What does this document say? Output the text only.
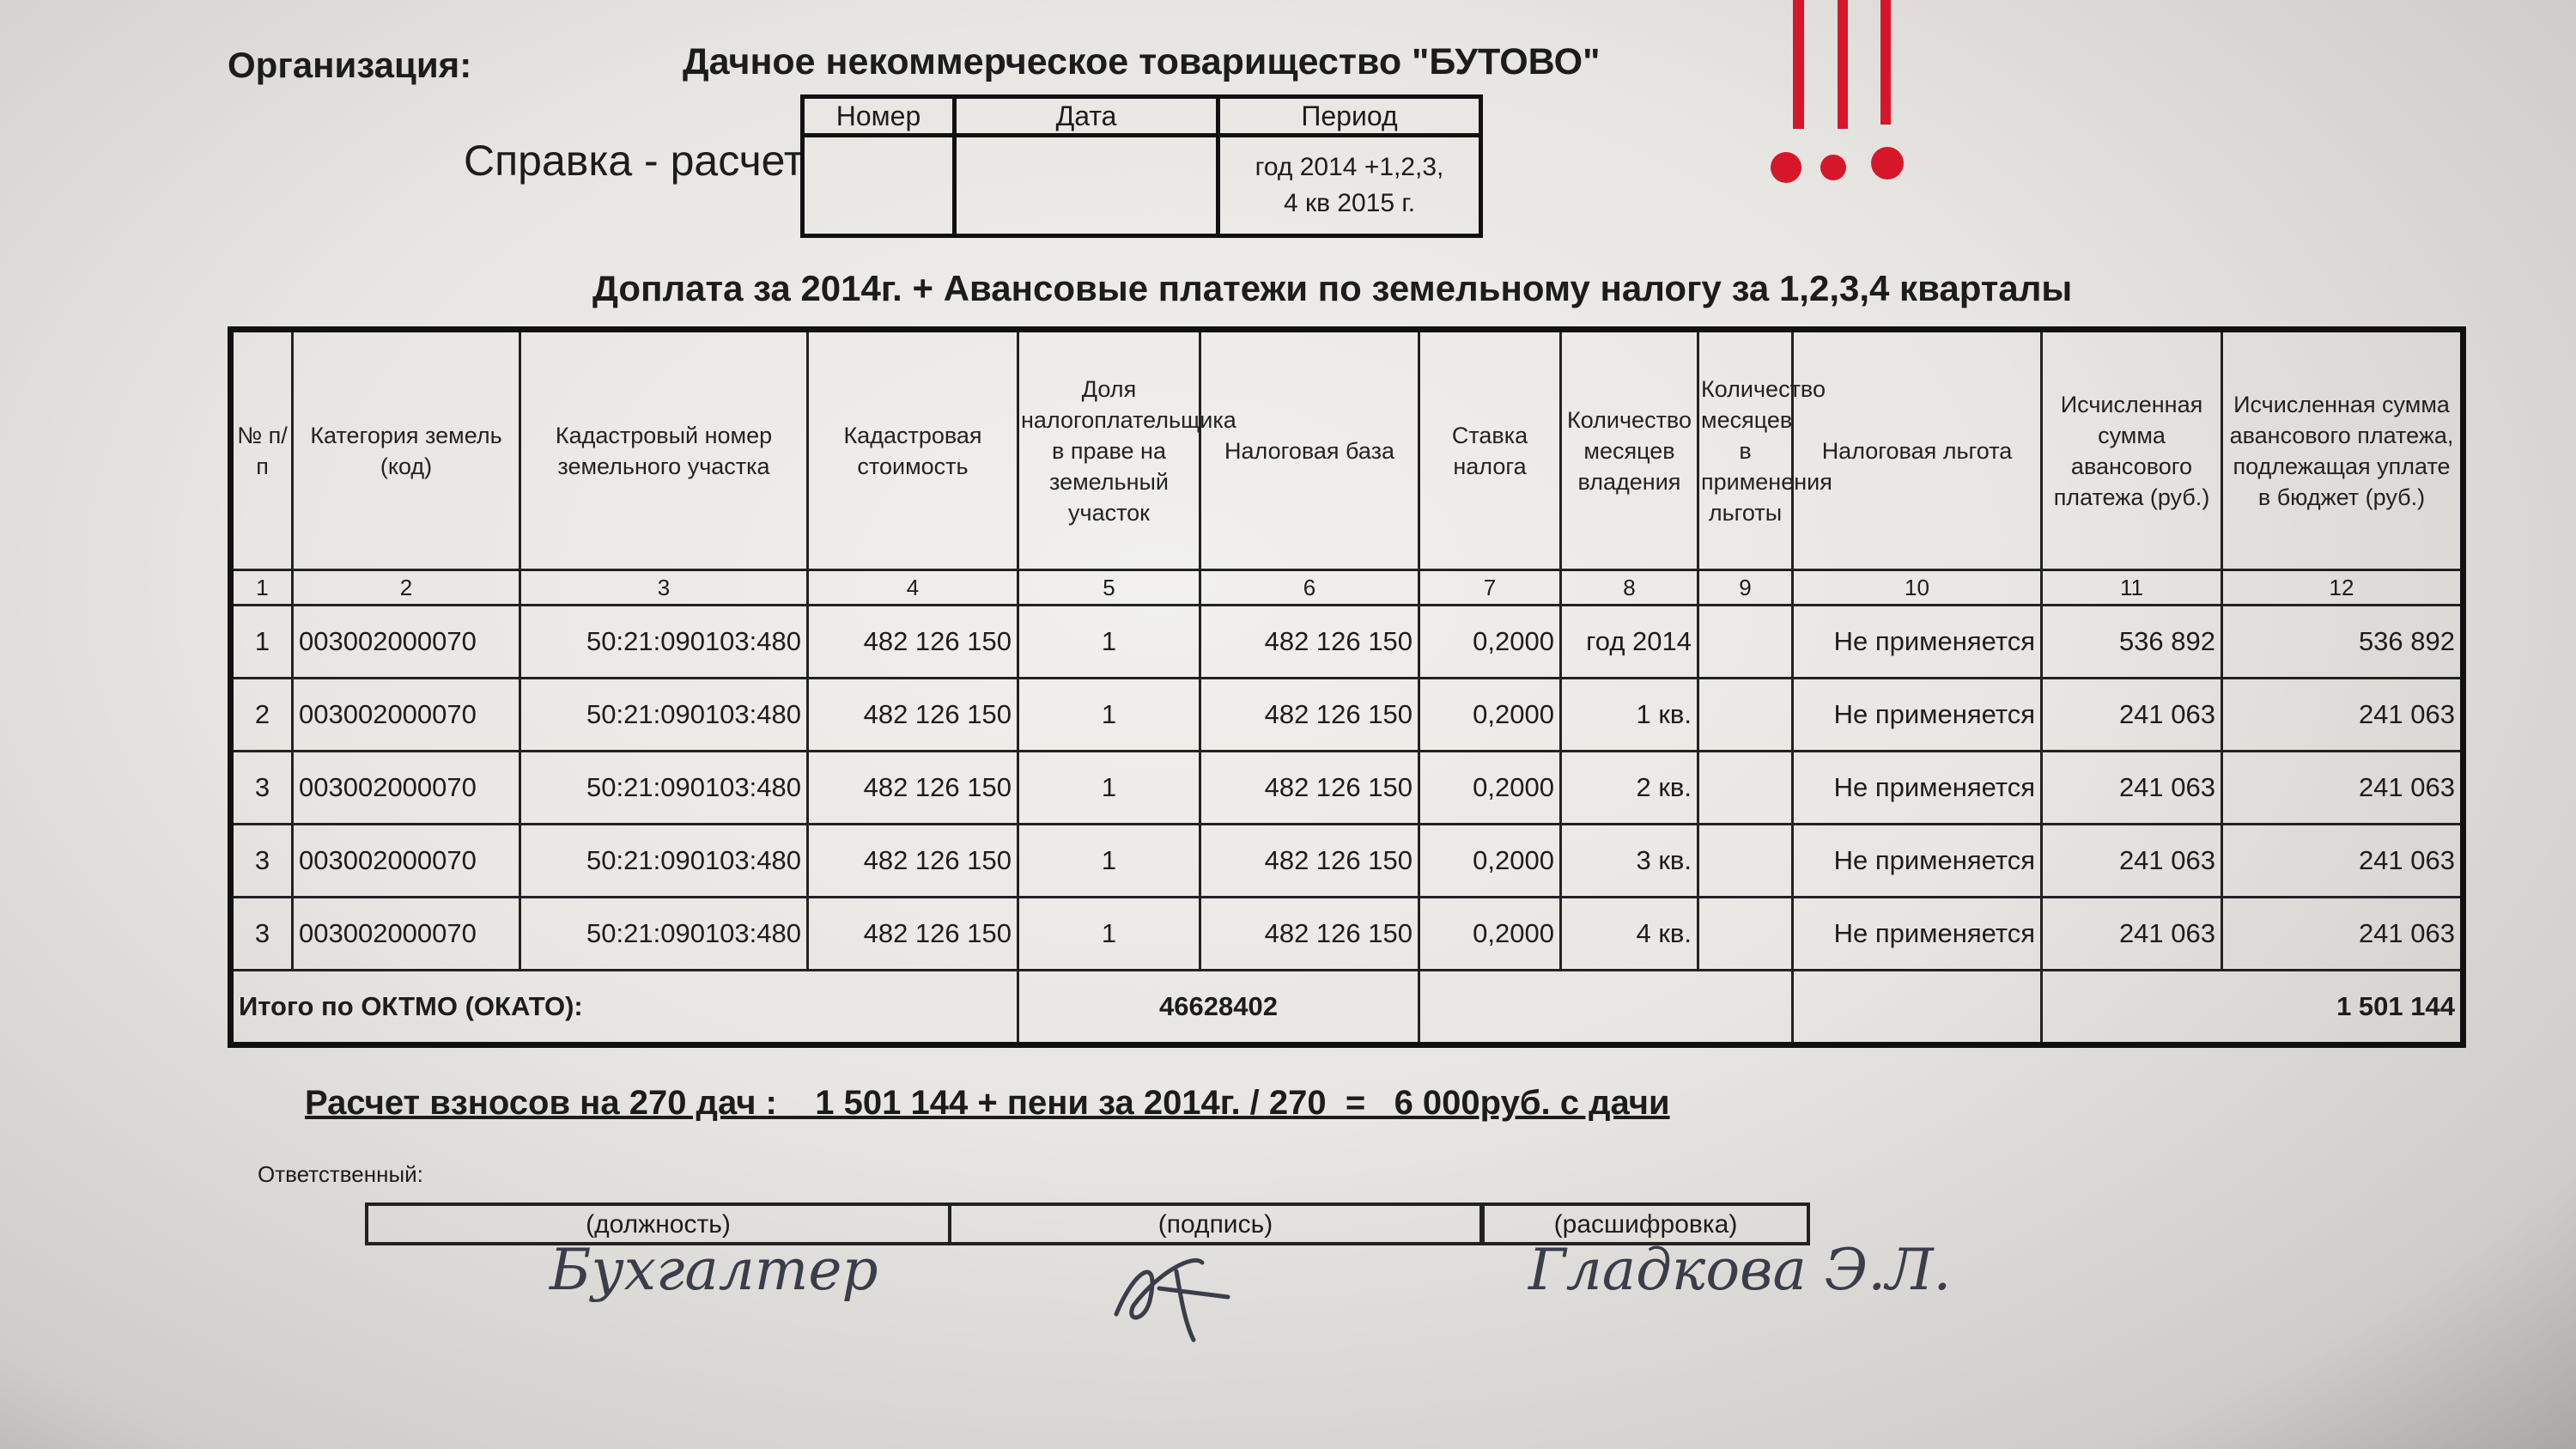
Организация:	Дачное некоммерческое товарищество "БУТОВО"
Справка - расчет
Номер	Дата	Период

		год 2014 +1,2,3,
4 кв 2015 г.
Доплата за 2014г. + Авансовые платежи по земельному налогу за 1,2,3,4 кварталы
№ п/п	Категория земель (код)	Кадастровый номер земельного участка	Кадастровая стоимость	Доля налогоплательщика в праве на земельный участок	Налоговая база	Ставка налога	Количество месяцев владения	Количество месяцев в применения льготы	Налоговая льгота	Исчисленная сумма авансового платежа (руб.)	Исчисленная сумма авансового платежа, подлежащая уплате в бюджет (руб.)
1	2	3	4	5	6	7	8	9	10	11	12
1	003002000070	50:21:090103:480	482 126 150	1	482 126 150	0,2000	год 2014		Не применяется	536 892	536 892
2	003002000070	50:21:090103:480	482 126 150	1	482 126 150	0,2000	1 кв.		Не применяется	241 063	241 063
3	003002000070	50:21:090103:480	482 126 150	1	482 126 150	0,2000	2 кв.		Не применяется	241 063	241 063
3	003002000070	50:21:090103:480	482 126 150	1	482 126 150	0,2000	3 кв.		Не применяется	241 063	241 063
3	003002000070	50:21:090103:480	482 126 150	1	482 126 150	0,2000	4 кв.		Не применяется	241 063	241 063
Итого по ОКТМО (ОКАТО):				46628402						1 501 144	
Расчет взносов на 270 дач :    1 501 144 + пени за 2014г. / 270  =   6 000руб. с дачи
Ответственный:
(должность)	(подпись)	(расшифровка)
Бухгалтер	Гладкова Э.Л.
